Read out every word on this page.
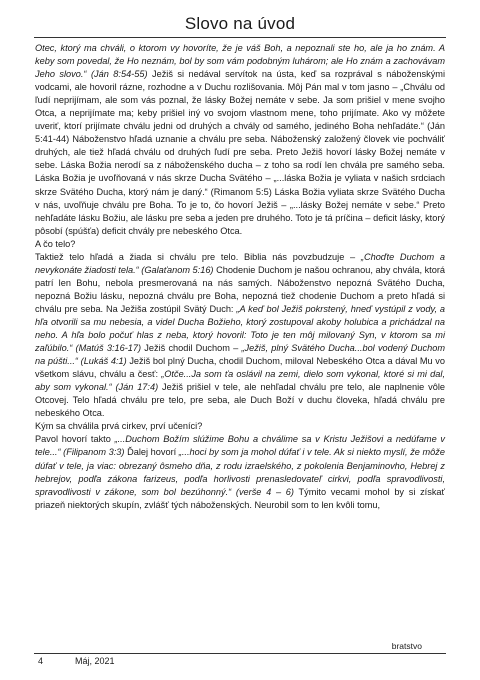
Slovo na úvod

Otec, ktorý ma chváli, o ktorom vy hovoríte, že je váš Boh, a nepoznali ste ho, ale ja ho znám. A keby som povedal, že Ho neznám, bol by som vám podobným luhárom; ale Ho znám a zachovávam Jeho slovo.“ (Ján 8:54-55) Ježiš si nedával servítok na ústa, keď sa rozprával s náboženskými vodcami, ale hovoril rázne, rozhodne a v Duchu rozlišovania. Môj Pán mal v tom jasno – „Chválu od ľudí neprijímam, ale som vás poznal, že lásky Božej nemáte v sebe. Ja som prišiel v mene svojho Otca, a neprijímate ma; keby prišiel iný vo svojom vlastnom mene, toho prijímate. Ako vy môžete uveriť, ktorí prijímate chválu jedni od druhých a chvály od samého, jediného Boha nehľadáte.“ (Ján 5:41-44) Náboženstvo hľadá uznanie a chválu pre seba. Náboženský založený človek vie pochváliť druhých, ale tiež hľadá chválu od druhých ľudí pre seba. Preto Ježiš hovorí lásky Božej nemáte v sebe. Láska Božia nerodí sa z náboženského ducha – z toho sa rodí len chvála pre samého seba. Láska Božia je uvoľňovaná v nás skrze Ducha Svätého – „...láska Božia je vyliata v našich srdciach skrze Svätého Ducha, ktorý nám je daný.“ (Rimanom 5:5) Láska Božia vyliata skrze Svätého Ducha v nás, uvoľňuje chválu pre Boha. To je to, čo hovorí Ježiš – „...lásky Božej nemáte v sebe.“ Preto nehľadáte lásku Božiu, ale lásku pre seba a jeden pre druhého. Toto je tá príčina – deficit lásky, ktorý pôsobí (spúšťa) deficit chvály pre nebeského Otca.

A čo telo?

Taktiež telo hľadá a žiada si chválu pre telo. Biblia nás povzbudzuje – „Choďte Duchom a nevykonáte žiadosti tela.“ (Galaťanom 5:16) Chodenie Duchom je našou ochranou, aby chvála, ktorá patrí len Bohu, nebola presmerovaná na nás samých. Náboženstvo nepozná Svätého Ducha, nepozná Božiu lásku, nepozná chválu pre Boha, nepozná tiež chodenie Duchom a preto hľadá si chválu pre seba. Na Ježiša zostúpil Svätý Duch: „A keď bol Ježiš pokrstený, hneď vystúpil z vody, a hľa otvorili sa mu nebesia, a videl Ducha Božieho, ktorý zostupoval akoby holubica a prichádzal na neho. A hľa bolo počuť hlas z neba, ktorý hovoril: Toto je ten môj milovaný Syn, v ktorom sa mi zaľúbilo.“ (Matúš 3:16-17) Ježiš chodil Duchom – „Ježiš, plný Svätého Ducha...bol vodený Duchom na púšti...“ (Lukáš 4:1) Ježiš bol plný Ducha, chodil Duchom, miloval Nebeského Otca a dával Mu vo všetkom slávu, chválu a česť: „Otče...Ja som ťa oslávil na zemi, dielo som vykonal, ktoré si mi dal, aby som vykonal.“ (Ján 17:4) Ježiš prišiel v tele, ale nehľadal chválu pre telo, ale naplnenie vôle Otcovej. Telo hľadá chválu pre telo, pre seba, ale Duch Boží v duchu človeka, hľadá chválu pre nebeského Otca.

Kým sa chválila prvá cirkev, prví učeníci?

Pavol hovorí takto „...Duchom Božím slúžime Bohu a chválime sa v Kristu Ježišovi a nedúfame v tele...“ (Filipanom 3:3) Ďalej hovorí „...hoci by som ja mohol dúfať i v tele. Ak si niekto myslí, že môže dúfať v tele, ja viac: obrezaný ôsmeho dňa, z rodu izraelského, z pokolenia Benjaminovho, Hebrej z hebrejov, podľa zákona farizeus, podľa horlivosti prenasledovateľ cirkvi, podľa spravodlivosti, spravodlivosti v zákone, som bol bezúhonný.“ (verše 4 – 6) Týmito vecami mohol by si získať priazeň niektorých skupín, zvlášť tých náboženských. Neurobil som to len kvôli tomu,

bratstvo
4	Máj, 2021
